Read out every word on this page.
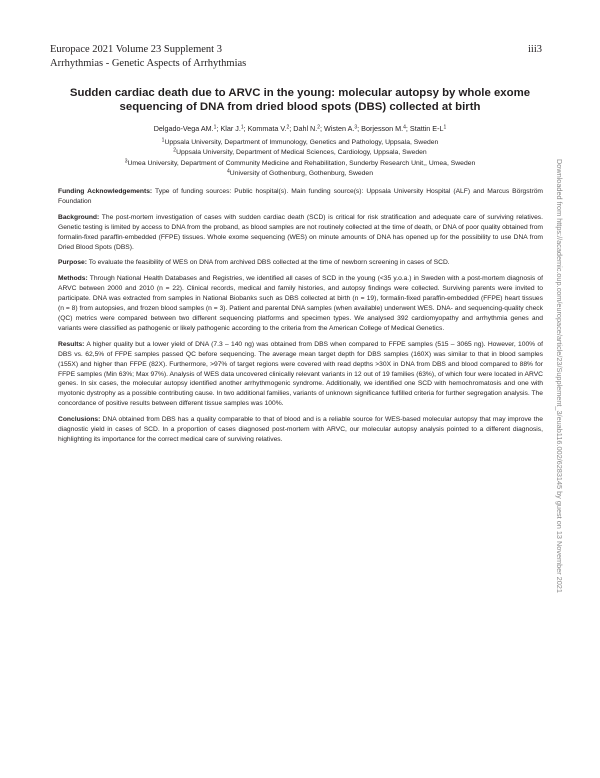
Europace 2021 Volume 23 Supplement 3
Arrhythmias - Genetic Aspects of Arrhythmias
iii3
Sudden cardiac death due to ARVC in the young: molecular autopsy by whole exome
sequencing of DNA from dried blood spots (DBS) collected at birth
Delgado-Vega AM.$^1$; Klar J.$^1$; Kommata V.$^2$; Dahl N.$^2$; Wisten A.$^3$; Borjesson M.$^4$; Stattin $E-L^1$
$^1$Uppsala University, Department of Immunology, Genetics and Pathology, Uppsala, Sweden
$^2$Uppsala University, Department of Medical Sciences, Cardiology, Uppsala, Sweden
$^3$Umea University, Department of Community Medicine and Rehabilitation, Sunderby Research Unit,, Umea, Sweden
$^4$University of Gothenburg, Gothenburg, Sweden

Funding Acknowledgements: Type of funding sources: Public hospital(s). Main funding source(s): Uppsala University Hospital (ALF) and Marcus Börgström Foundation

Background: The post-mortem investigation of cases with sudden cardiac death (SCD) is critical for risk stratification and adequate care of surviving relatives. Genetic testing is limited by access to DNA from the proband, as blood samples are not routinely collected at the time of death, or DNA of poor quality obtained from formalin-fixed paraffin-embedded (FFPE) tissues. Whole exome sequencing (WES) on minute amounts of DNA has opened up for the possibility to use DNA from Dried Blood Spots (DBS).

Purpose: To evaluate the feasibility of WES on DNA from archived DBS collected at the time of newborn screening in cases of SCD.

Methods: Through National Health Databases and Registries, we identified all cases of SCD in the young (<35 y.o.a.) in Sweden with a post-mortem diagnosis of ARVC between 2000 and 2010 (n = 22). Clinical records, medical and family histories, and autopsy findings were collected. Surviving parents were invited to participate. DNA was extracted from samples in National Biobanks such as DBS collected at birth (n = 19), formalin-fixed paraffin-embedded (FFPE) heart tissues (n = 8) from autopsies, and frozen blood samples (n = 3). Patient and parental DNA samples (when available) underwent WES. DNA- and sequencing-quality check (QC) metrics were compared between two different sequencing platforms and specimen types. We analysed 392 cardiomyopathy and arrhythmia genes and variants were classified as pathogenic or likely pathogenic according to the criteria from the American College of Medical Genetics.

Results: A higher quality but a lower yield of DNA (7.3 – 140 ng) was obtained from DBS when compared to FFPE samples (515 – 3065 ng). However, 100% of DBS vs. 62,5% of FFPE samples passed QC before sequencing. The average mean target depth for DBS samples (160X) was similar to that in blood samples (155X) and higher than FFPE (82X). Furthermore, >97% of target regions were covered with read depths >30X in DNA from DBS and blood compared to 88% for FFPE samples (Min 63%; Max 97%). Analysis of WES data uncovered clinically relevant variants in 12 out of 19 families (63%), of which four were located in ARVC genes. In six cases, the molecular autopsy identified another arrhythmogenic syndrome. Additionally, we identified one SCD with hemochromatosis and one with myotonic dystrophy as a possible contributing cause. In two additional families, variants of unknown significance fulfilled criteria for further segregation analysis. The concordance of positive results between different tissue samples was 100%.

Conclusions: DNA obtained from DBS has a quality comparable to that of blood and is a reliable source for WES-based molecular autopsy that may improve the diagnostic yield in cases of SCD. In a proportion of cases diagnosed post-mortem with ARVC, our molecular autopsy analysis pointed to a different diagnosis, highlighting its importance for the correct medical care of surviving relatives.	Downloaded from https://academic.oup.com/europace/article/23/Supplement_3/euab116.002/6283145 by guest on 13 November 2021
